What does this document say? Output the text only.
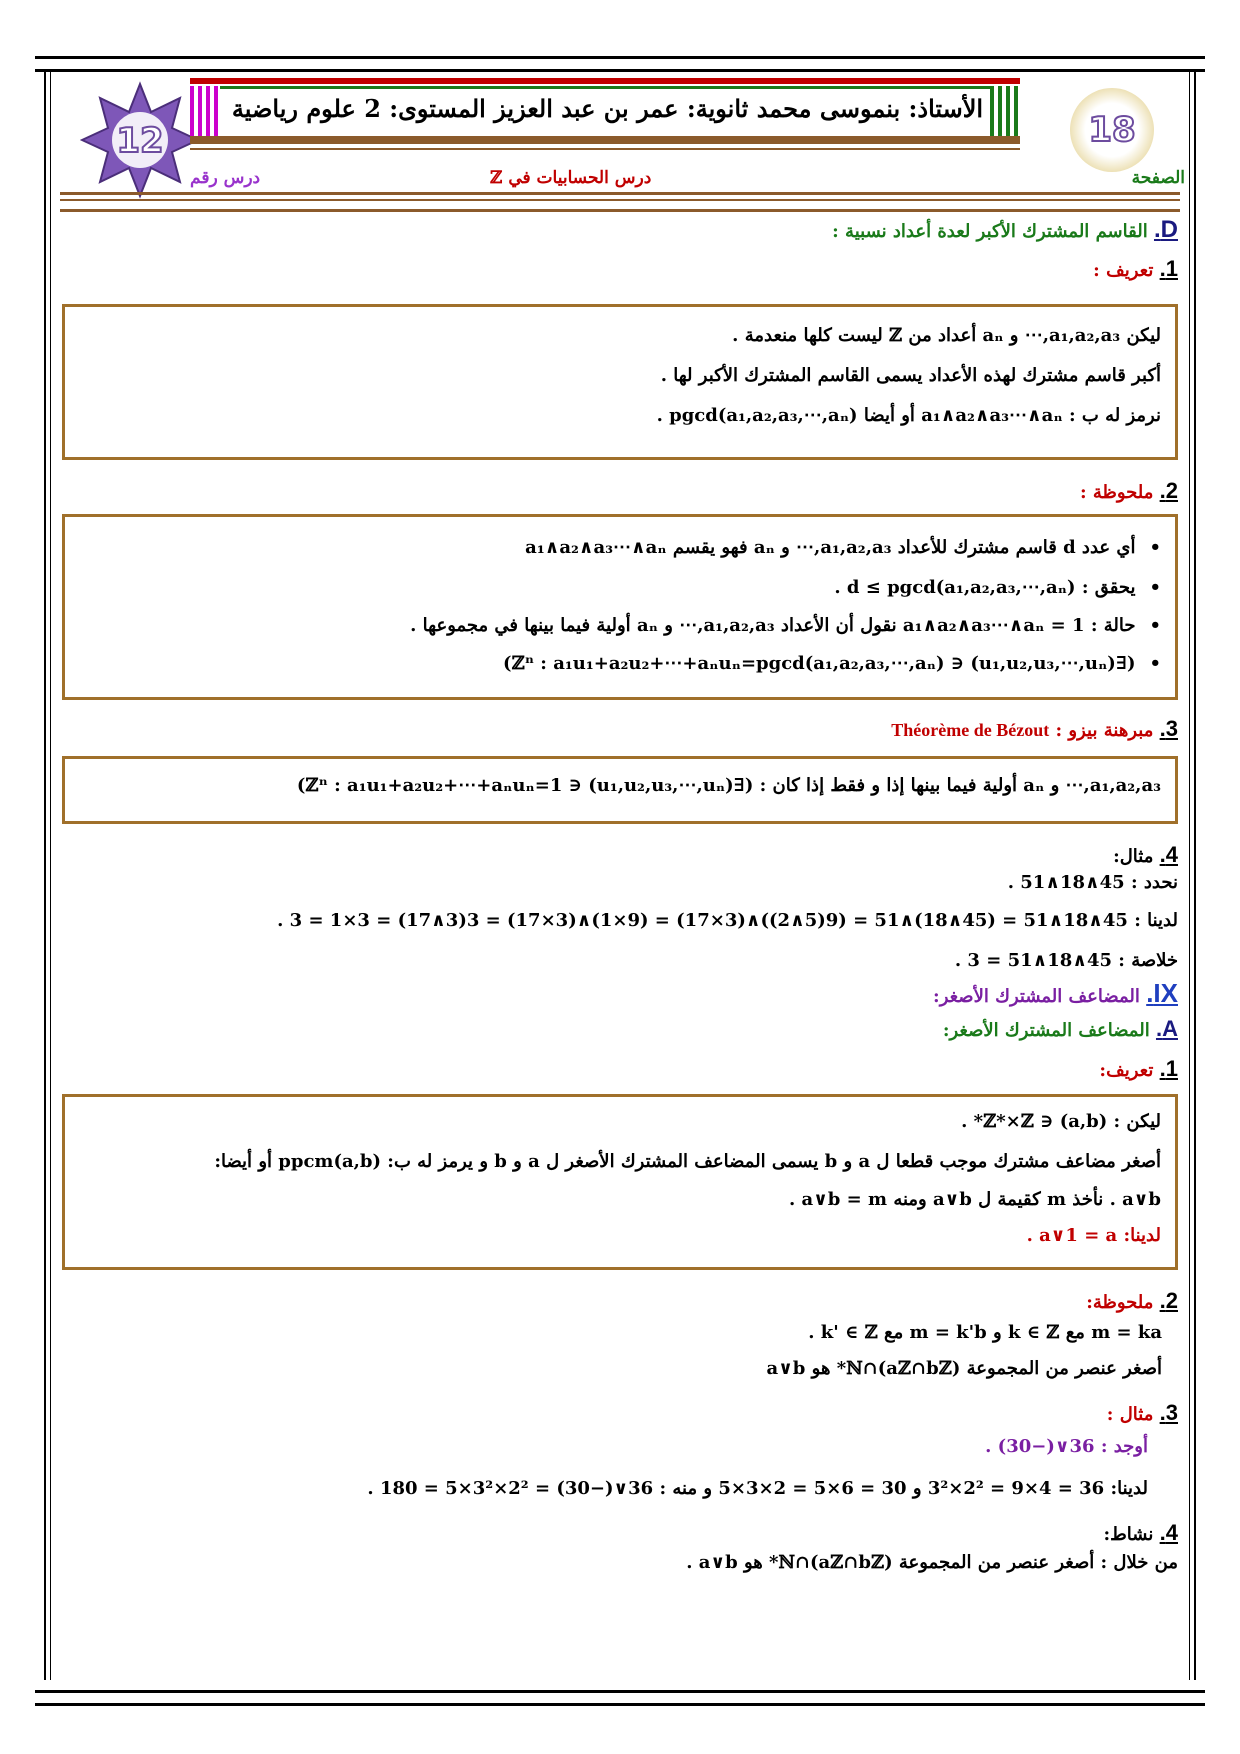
12
الأستاذ: بنموسى محمد ثانوية: عمر بن عبد العزيز المستوى: 2 علوم رياضية
18
الصفحة
درس الحسابيات في ℤ
درس رقم
D. القاسم المشترك الأكبر لعدة أعداد نسبية :
1. تعريف :
ليكن a₁,a₂,a₃,⋯ و aₙ أعداد من ℤ ليست كلها منعدمة .
أكبر قاسم مشترك لهذه الأعداد يسمى القاسم المشترك الأكبر لها .
نرمز له ب : a₁∧a₂∧a₃⋯∧aₙ أو أيضا pgcd(a₁,a₂,a₃,⋯,aₙ) .
2. ملحوظة :
• أي عدد d قاسم مشترك للأعداد a₁,a₂,a₃,⋯ و aₙ فهو يقسم a₁∧a₂∧a₃⋯∧aₙ
• يحقق : d ≤ pgcd(a₁,a₂,a₃,⋯,aₙ) .
• حالة : a₁∧a₂∧a₃⋯∧aₙ = 1 نقول أن الأعداد a₁,a₂,a₃,⋯ و aₙ أولية فيما بينها في مجموعها .
• (∃(u₁,u₂,u₃,⋯,uₙ) ∈ ℤⁿ : a₁u₁+a₂u₂+⋯+aₙuₙ=pgcd(a₁,a₂,a₃,⋯,aₙ))
3. مبرهنة بيزو : Théorème de Bézout
a₁,a₂,a₃,⋯ و aₙ أولية فيما بينها إذا و فقط إذا كان : (∃(u₁,u₂,u₃,⋯,uₙ) ∈ ℤⁿ : a₁u₁+a₂u₂+⋯+aₙuₙ=1)
4. مثال:
نحدد : 45∧18∧51 .
لدينا : 45∧18∧51 = (45∧18)∧51 = (9(5∧2))∧(3×17) = (9×1)∧(3×17) = 3(3∧17) = 3×1 = 3 .
خلاصة : 45∧18∧51 = 3 .
IX. المضاعف المشترك الأصغر:
A. المضاعف المشترك الأصغر:
1. تعريف:
ليكن : (a,b) ∈ ℤ*×ℤ* .
أصغر مضاعف مشترك موجب قطعا ل a و b يسمى المضاعف المشترك الأصغر ل a و b و يرمز له ب: ppcm(a,b) أو أيضا:
a∨b . نأخذ m كقيمة ل a∨b ومنه a∨b = m .
لدينا: a∨1 = a .
2. ملحوظة:
m = ka مع k ∈ ℤ و m = k'b مع k' ∈ ℤ .
أصغر عنصر من المجموعة (aℤ∩bℤ)∩ℕ* هو a∨b
3. مثال :
أوجد : 36∨(−30) .
لدينا: 36 = 4×9 = 2²×3² و 30 = 6×5 = 2×3×5 و منه : 36∨(−30) = 2²×3²×5 = 180 .
4. نشاط:
من خلال : أصغر عنصر من المجموعة (aℤ∩bℤ)∩ℕ* هو a∨b .
